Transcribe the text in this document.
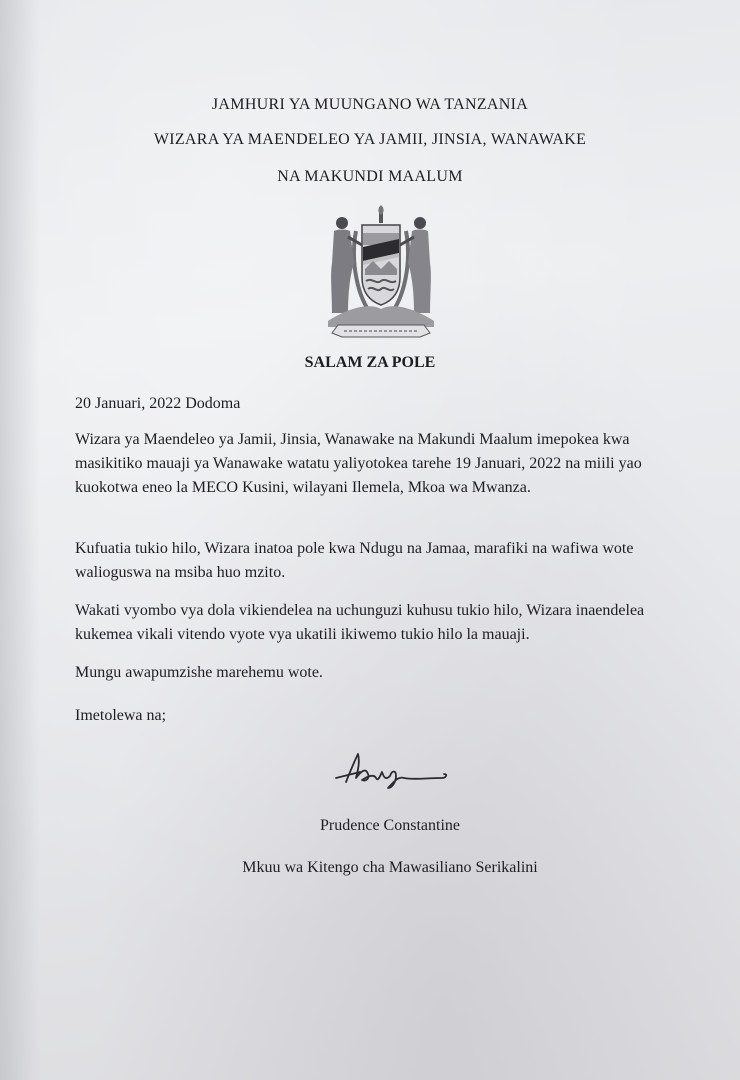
JAMHURI YA MUUNGANO WA TANZANIA
WIZARA YA MAENDELEO YA JAMII, JINSIA, WANAWAKE
NA MAKUNDI MAALUM
SALAM ZA POLE
20 Januari, 2022 Dodoma
Wizara ya Maendeleo ya Jamii, Jinsia, Wanawake na Makundi Maalum imepokea kwa masikitiko mauaji ya Wanawake watatu yaliyotokea tarehe 19 Januari, 2022 na miili yao kuokotwa eneo la MECO Kusini, wilayani Ilemela, Mkoa wa Mwanza.
Kufuatia tukio hilo, Wizara inatoa pole kwa Ndugu na Jamaa, marafiki na wafiwa wote walioguswa na msiba huo mzito.
Wakati vyombo vya dola vikiendelea na uchunguzi kuhusu tukio hilo, Wizara inaendelea kukemea vikali vitendo vyote vya ukatili ikiwemo tukio hilo la mauaji.
Mungu awapumzishe marehemu wote.
Imetolewa na;
Prudence Constantine
Mkuu wa Kitengo cha Mawasiliano Serikalini
